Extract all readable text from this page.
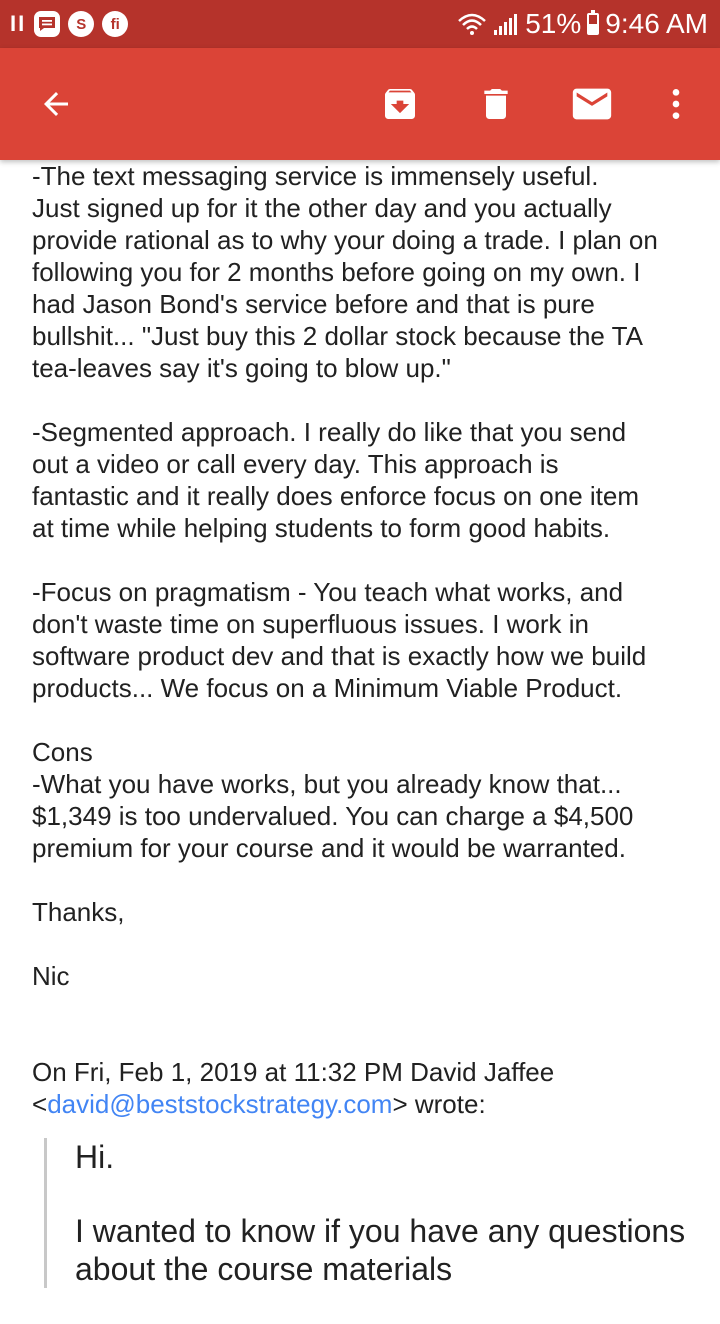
II	S fi	51% 9:46 AM

-The text messaging service is immensely useful.
Just signed up for it the other day and you actually
provide rational as to why your doing a trade. I plan on
following you for 2 months before going on my own. I
had Jason Bond's service before and that is pure
bullshit... "Just buy this 2 dollar stock because the TA
tea-leaves say it's going to blow up."

-Segmented approach. I really do like that you send
out a video or call every day. This approach is
fantastic and it really does enforce focus on one item
at time while helping students to form good habits.

-Focus on pragmatism - You teach what works, and
don't waste time on superfluous issues. I work in
software product dev and that is exactly how we build
products... We focus on a Minimum Viable Product.

Cons
-What you have works, but you already know that...
$1,349 is too undervalued. You can charge a $4,500
premium for your course and it would be warranted.

Thanks,

Nic

On Fri, Feb 1, 2019 at 11:32 PM David Jaffee
<david@beststockstrategy.com> wrote:

Hi.

I wanted to know if you have any questions about the course materials
